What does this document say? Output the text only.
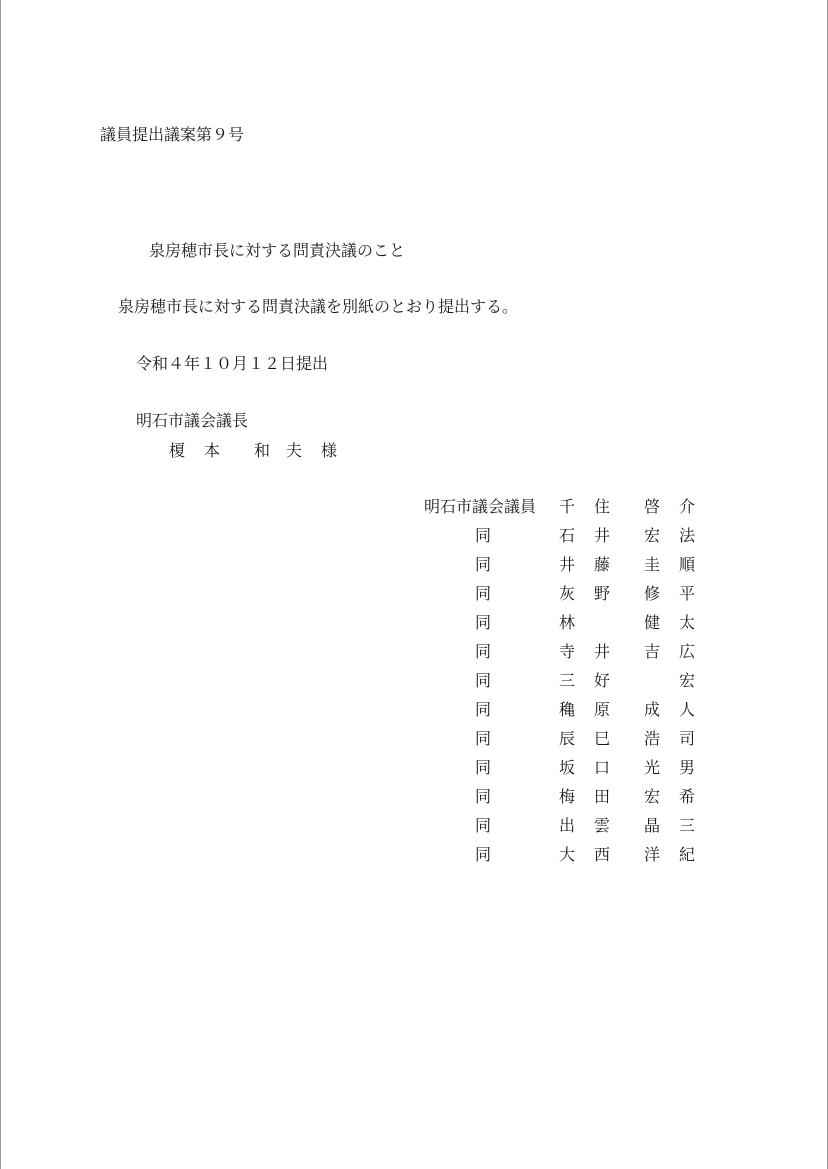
議員提出議案第９号
泉房穂市長に対する問責決議のこと
泉房穂市長に対する問責決議を別紙のとおり提出する。
令和４年１０月１２日提出
明石市議会議長
榎 本 和 夫 様
明石市議会議員 千 住 啓 介
同	石 井 宏 法
同	井 藤 圭 順
同	灰 野 修 平
同	林	健 太
同	寺 井 吉 広
同	三 好	宏
同	穐 原 成 人
同	辰 巳 浩 司
同	坂 口 光 男
同	梅 田 宏 希
同	出 雲 晶 三
同	大 西 洋 紀
